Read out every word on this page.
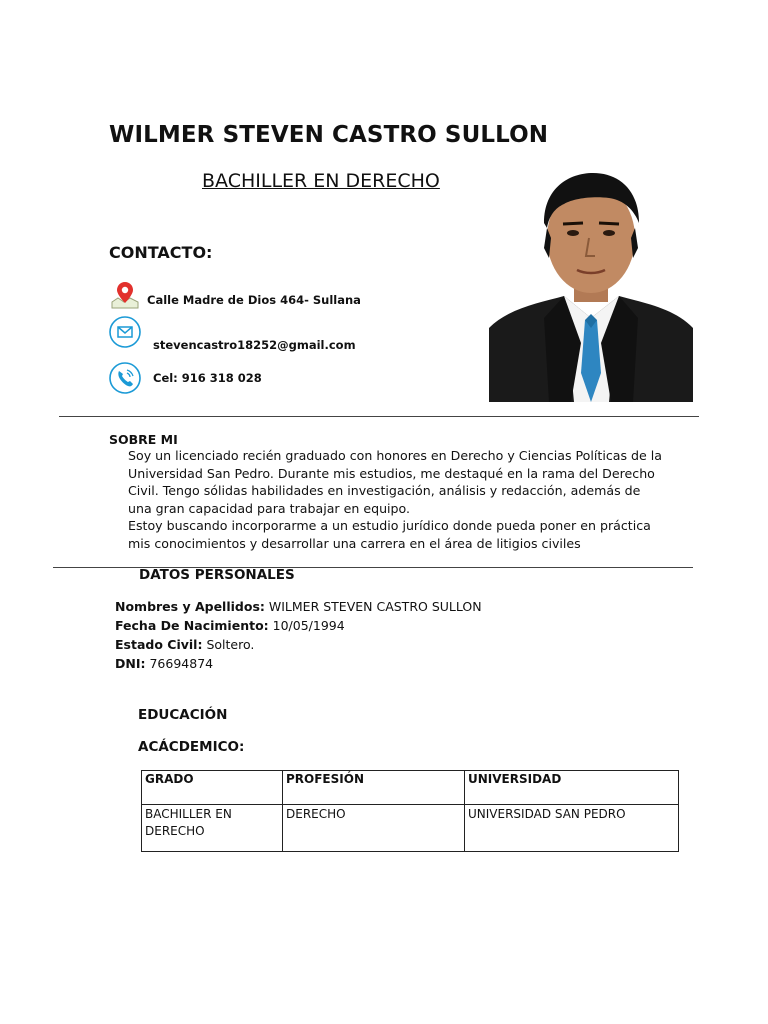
WILMER STEVEN CASTRO SULLON
BACHILLER EN DERECHO
CONTACTO:
Calle Madre de Dios 464- Sullana
stevencastro18252@gmail.com
Cel: 916 318 028
SOBRE MI

Soy un licenciado recién graduado con honores en Derecho y Ciencias Políticas de la Universidad San Pedro. Durante mis estudios, me destaqué en la rama del Derecho Civil. Tengo sólidas habilidades en investigación, análisis y redacción, además de una gran capacidad para trabajar en equipo.

Estoy buscando incorporarme a un estudio jurídico donde pueda poner en práctica mis conocimientos y desarrollar una carrera en el área de litigios civiles

DATOS PERSONALES
Nombres y Apellidos: WILMER STEVEN CASTRO SULLON
Fecha De Nacimiento: 10/05/1994
Estado Civil: Soltero.
DNI: 76694874
EDUCACIÓN
ACÁCDEMICO:
GRADO	PROFESIÓN	UNIVERSIDAD
BACHILLER EN DERECHO	DERECHO	UNIVERSIDAD SAN PEDRO
